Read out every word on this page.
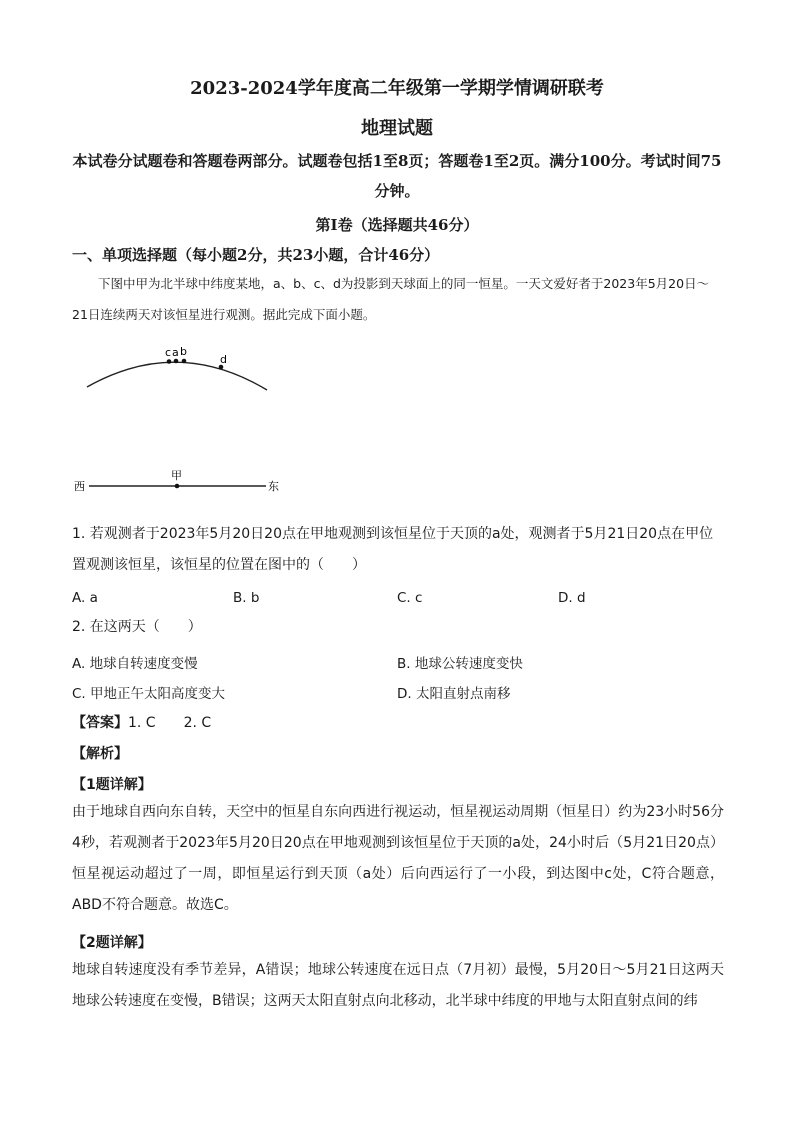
2023-2024学年度高二年级第一学期学情调研联考
地理试题
本试卷分试题卷和答题卷两部分。试题卷包括1至8页；答题卷1至2页。满分100分。考试时间75分钟。
第Ⅰ卷（选择题共46分）
一、单项选择题（每小题2分，共23小题，合计46分）
下图中甲为北半球中纬度某地，a、b、c、d为投影到天球面上的同一恒星。一天文爱好者于2023年5月20日～21日连续两天对该恒星进行观测。据此完成下面小题。
c a b
d
甲
西	东
1. 若观测者于2023年5月20日20点在甲地观测到该恒星位于天顶的a处，观测者于5月21日20点在甲位置观测该恒星，该恒星的位置在图中的（　　）
A. a	B. b	C. c	D. d
2. 在这两天（　　）
A. 地球自转速度变慢	B. 地球公转速度变快
C. 甲地正午太阳高度变大	D. 太阳直射点南移
【答案】1. C　　2. C
【解析】
【1题详解】
由于地球自西向东自转，天空中的恒星自东向西进行视运动，恒星视运动周期（恒星日）约为23小时56分4秒，若观测者于2023年5月20日20点在甲地观测到该恒星位于天顶的a处，24小时后（5月21日20点）恒星视运动超过了一周，即恒星运行到天顶（a处）后向西运行了一小段，到达图中c处，C符合题意，ABD不符合题意。故选C。
【2题详解】
地球自转速度没有季节差异，A错误；地球公转速度在远日点（7月初）最慢，5月20日～5月21日这两天地球公转速度在变慢，B错误；这两天太阳直射点向北移动，北半球中纬度的甲地与太阳直射点间的纬
